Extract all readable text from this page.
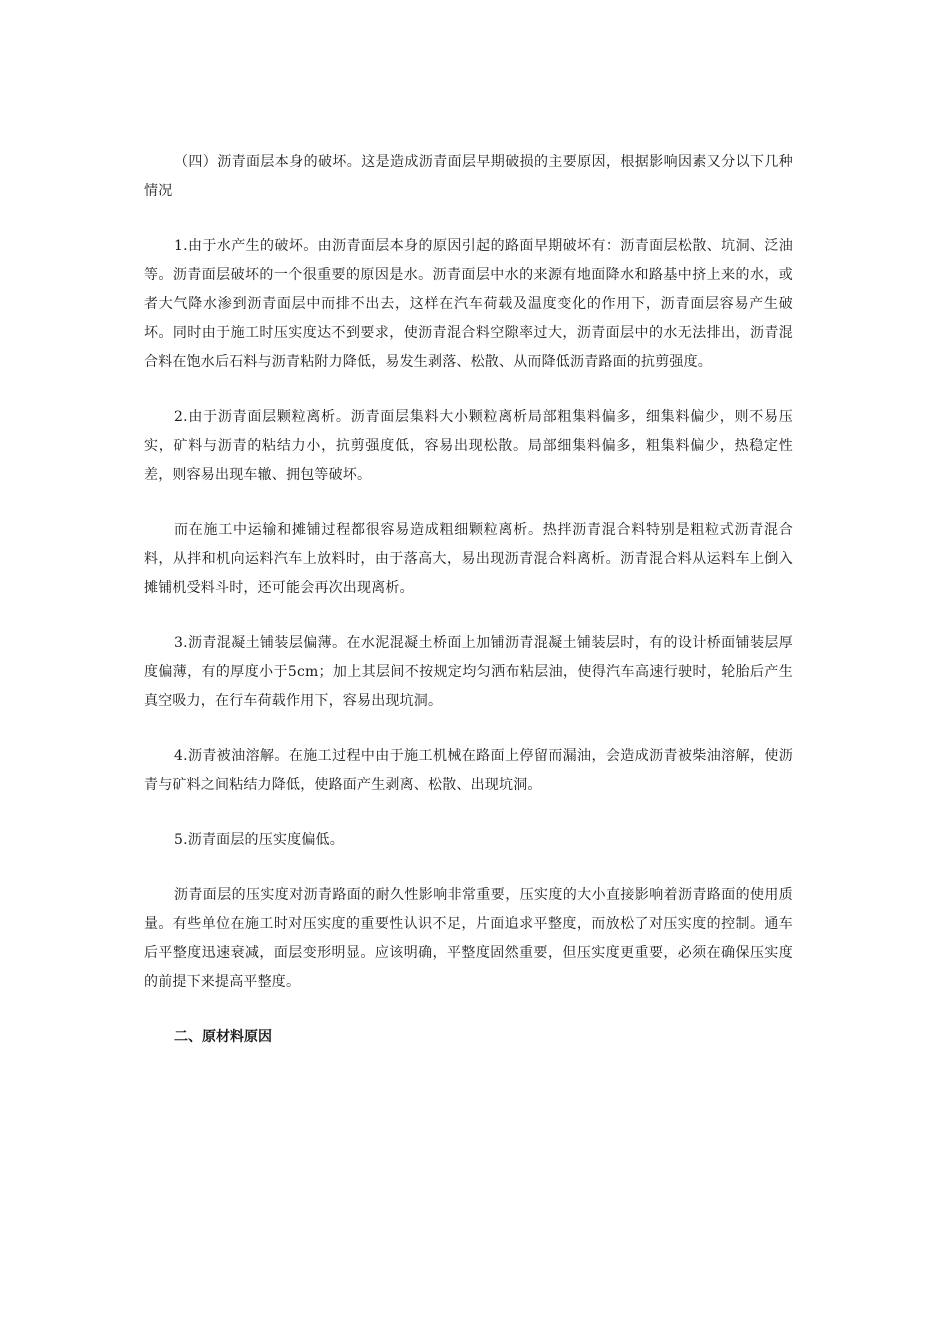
（四）沥青面层本身的破坏。这是造成沥青面层早期破损的主要原因，根据影响因素又分以下几种情况

1.由于水产生的破坏。由沥青面层本身的原因引起的路面早期破坏有：沥青面层松散、坑洞、泛油等。沥青面层破坏的一个很重要的原因是水。沥青面层中水的来源有地面降水和路基中挤上来的水，或者大气降水渗到沥青面层中而排不出去，这样在汽车荷载及温度变化的作用下，沥青面层容易产生破坏。同时由于施工时压实度达不到要求，使沥青混合料空隙率过大，沥青面层中的水无法排出，沥青混合料在饱水后石料与沥青粘附力降低，易发生剥落、松散、从而降低沥青路面的抗剪强度。

2.由于沥青面层颗粒离析。沥青面层集料大小颗粒离析局部粗集料偏多，细集料偏少，则不易压实，矿料与沥青的粘结力小，抗剪强度低，容易出现松散。局部细集料偏多，粗集料偏少，热稳定性差，则容易出现车辙、拥包等破坏。

而在施工中运输和摊铺过程都很容易造成粗细颗粒离析。热拌沥青混合料特别是粗粒式沥青混合料，从拌和机向运料汽车上放料时，由于落高大，易出现沥青混合料离析。沥青混合料从运料车上倒入摊铺机受料斗时，还可能会再次出现离析。

3.沥青混凝土铺装层偏薄。在水泥混凝土桥面上加铺沥青混凝土铺装层时，有的设计桥面铺装层厚度偏薄，有的厚度小于5cm；加上其层间不按规定均匀洒布粘层油，使得汽车高速行驶时，轮胎后产生真空吸力，在行车荷载作用下，容易出现坑洞。

4.沥青被油溶解。在施工过程中由于施工机械在路面上停留而漏油，会造成沥青被柴油溶解，使沥青与矿料之间粘结力降低，使路面产生剥离、松散、出现坑洞。

5.沥青面层的压实度偏低。

沥青面层的压实度对沥青路面的耐久性影响非常重要，压实度的大小直接影响着沥青路面的使用质量。有些单位在施工时对压实度的重要性认识不足，片面追求平整度，而放松了对压实度的控制。通车后平整度迅速衰减，面层变形明显。应该明确，平整度固然重要，但压实度更重要，必须在确保压实度的前提下来提高平整度。

二、原材料原因
